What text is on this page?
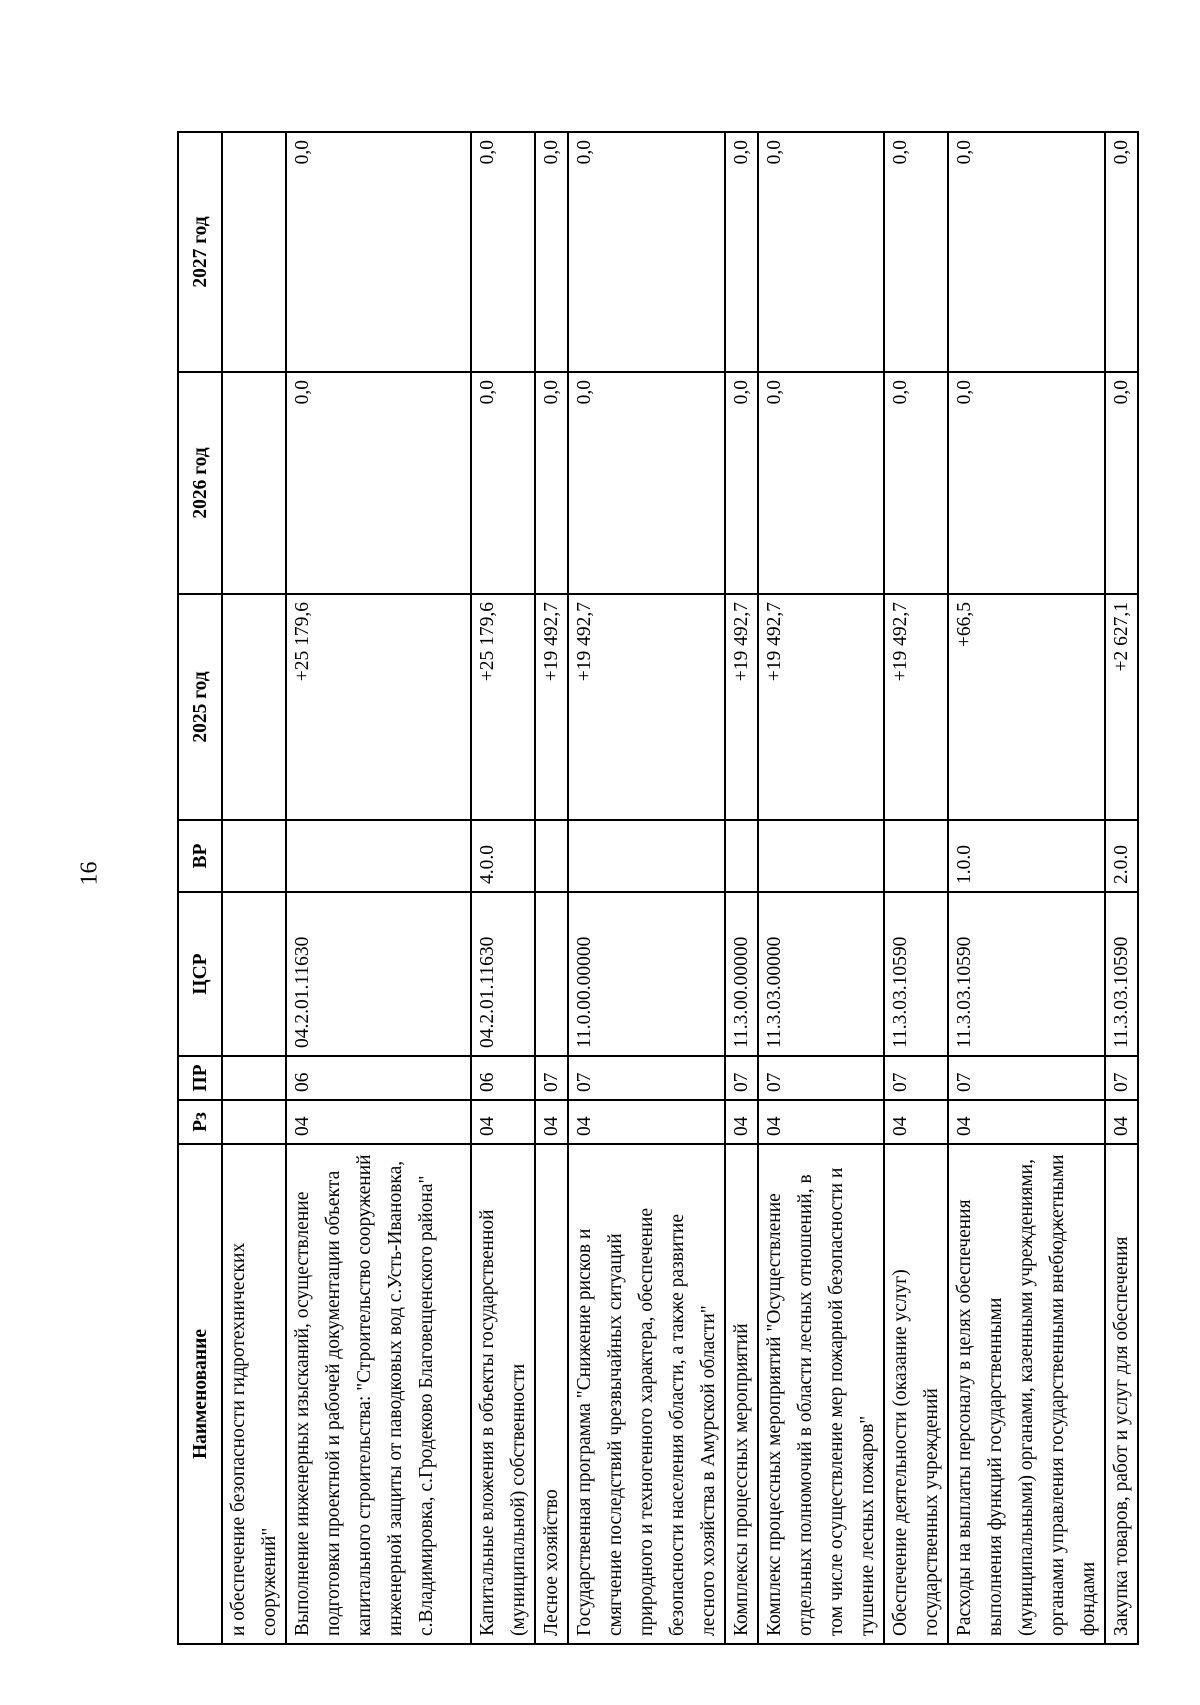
16
Наименование	Рз	ПР	ЦСР	ВР	2025 год	2026 год	2027 год
и обеспечение безопасности гидротехнических сооружений"							
Выполнение инженерных изысканий, осуществление подготовки проектной и рабочей документации объекта капитального строительства: "Строительство сооружений инженерной защиты от паводковых вод с.Усть-Ивановка, с.Владимировка, с.Гродеково Благовещенского района"	04	06	04.2.01.11630		+25 179,6	0,0	0,0
Капитальные вложения в объекты государственной (муниципальной) собственности	04	06	04.2.01.11630	4.0.0	+25 179,6	0,0	0,0
Лесное хозяйство	04	07			+19 492,7	0,0	0,0
Государственная программа "Снижение рисков и смягчение последствий чрезвычайных ситуаций природного и техногенного характера, обеспечение безопасности населения области, а также развитие лесного хозяйства в Амурской области"	04	07	11.0.00.00000		+19 492,7	0,0	0,0
Комплексы процессных мероприятий	04	07	11.3.00.00000		+19 492,7	0,0	0,0
Комплекс процессных мероприятий "Осуществление отдельных полномочий в области лесных отношений, в том числе осуществление мер пожарной безопасности и тушение лесных пожаров"	04	07	11.3.03.00000		+19 492,7	0,0	0,0
Обеспечение деятельности (оказание услуг) государственных учреждений	04	07	11.3.03.10590		+19 492,7	0,0	0,0
Расходы на выплаты персоналу в целях обеспечения выполнения функций государственными (муниципальными) органами, казенными учреждениями, органами управления государственными внебюджетными фондами	04	07	11.3.03.10590	1.0.0	+66,5	0,0	0,0
Закупка товаров, работ и услуг для обеспечения	04	07	11.3.03.10590	2.0.0	+2 627,1	0,0	0,0
